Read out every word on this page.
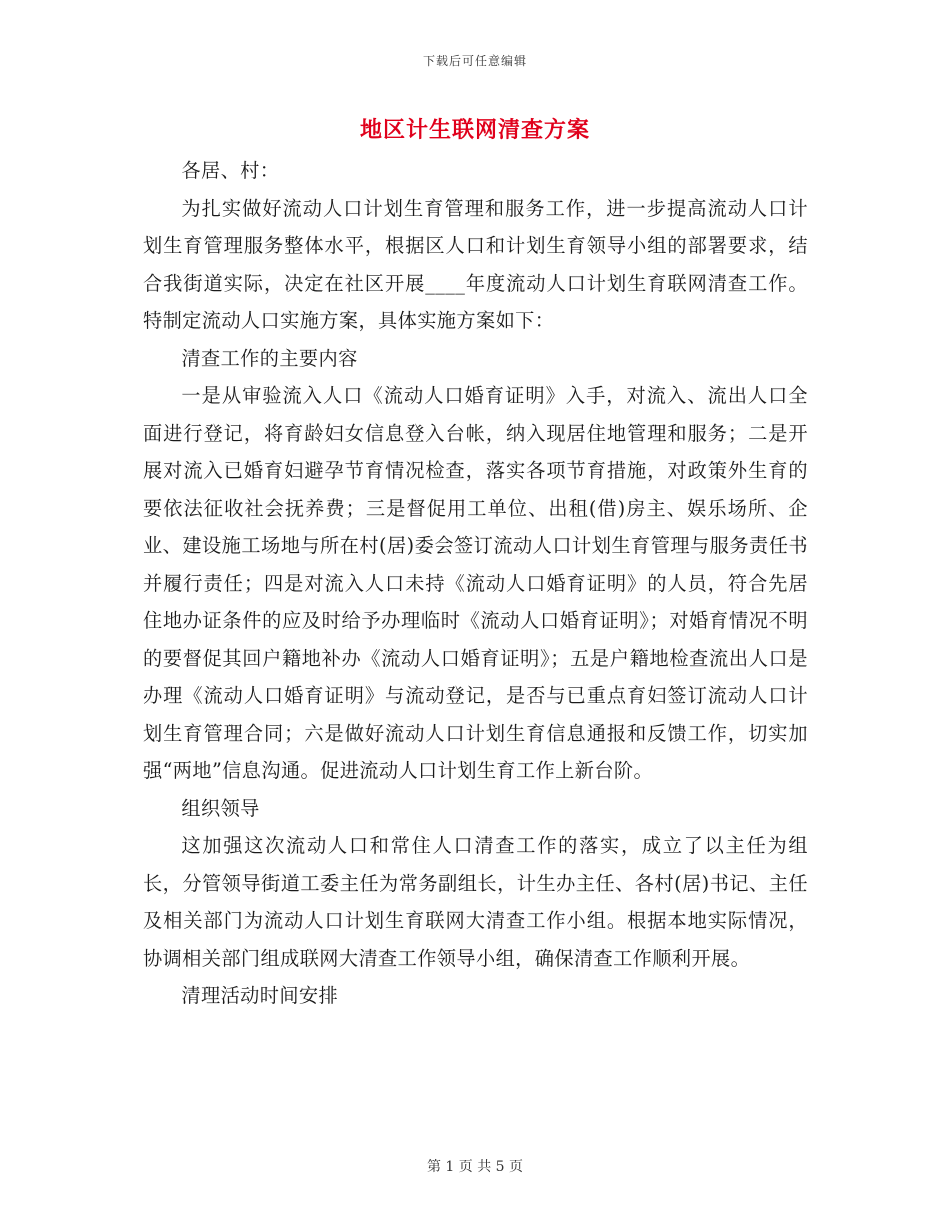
下载后可任意编辑
地区计生联网清查方案

各居、村：

为扎实做好流动人口计划生育管理和服务工作，进一步提高流动人口计划生育管理服务整体水平，根据区人口和计划生育领导小组的部署要求，结合我街道实际，决定在社区开展____年度流动人口计划生育联网清查工作。特制定流动人口实施方案，具体实施方案如下：

清查工作的主要内容

一是从审验流入人口《流动人口婚育证明》入手，对流入、流出人口全面进行登记，将育龄妇女信息登入台帐，纳入现居住地管理和服务；二是开展对流入已婚育妇避孕节育情况检查，落实各项节育措施，对政策外生育的要依法征收社会抚养费；三是督促用工单位、出租(借)房主、娱乐场所、企业、建设施工场地与所在村(居)委会签订流动人口计划生育管理与服务责任书并履行责任；四是对流入人口未持《流动人口婚育证明》的人员，符合先居住地办证条件的应及时给予办理临时《流动人口婚育证明》；对婚育情况不明的要督促其回户籍地补办《流动人口婚育证明》；五是户籍地检查流出人口是办理《流动人口婚育证明》与流动登记，是否与已重点育妇签订流动人口计划生育管理合同；六是做好流动人口计划生育信息通报和反馈工作，切实加强“两地”信息沟通。促进流动人口计划生育工作上新台阶。

组织领导

这加强这次流动人口和常住人口清查工作的落实，成立了以主任为组长，分管领导街道工委主任为常务副组长，计生办主任、各村(居)书记、主任及相关部门为流动人口计划生育联网大清查工作小组。根据本地实际情况，协调相关部门组成联网大清查工作领导小组，确保清查工作顺利开展。

清理活动时间安排

第 1 页 共 5 页
